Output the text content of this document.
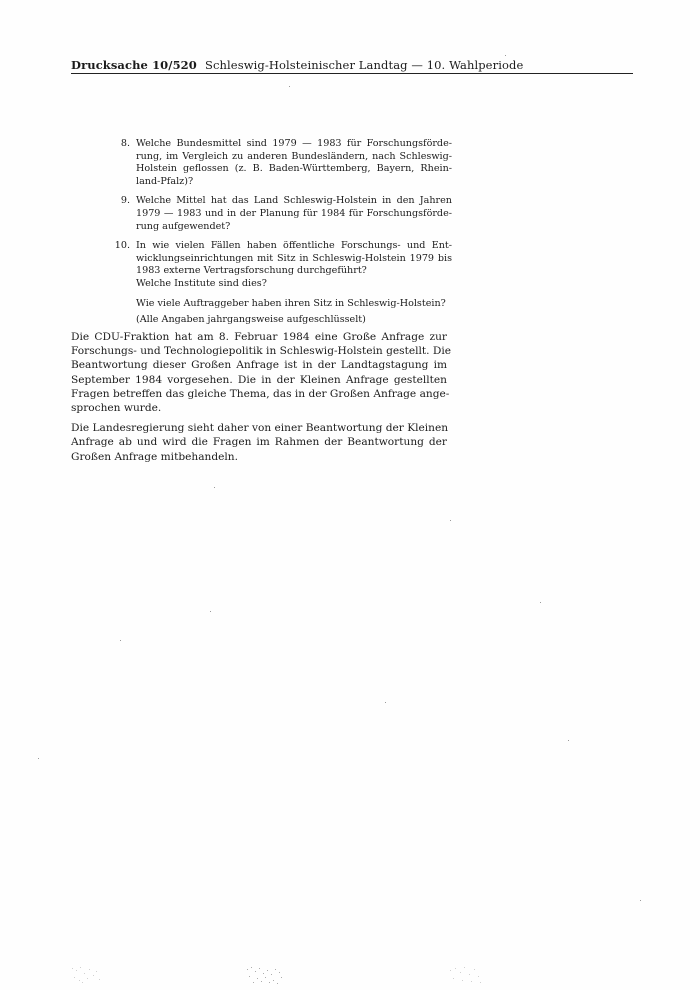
Drucksache 10/520 Schleswig-Holsteinischer Landtag — 10. Wahlperiode
8. Welche Bundesmittel sind 1979 — 1983 für Forschungsförde-
rung, im Vergleich zu anderen Bundesländern, nach Schleswig-
Holstein geflossen (z. B. Baden-Württemberg, Bayern, Rhein-
land-Pfalz)?
9. Welche Mittel hat das Land Schleswig-Holstein in den Jahren
1979 — 1983 und in der Planung für 1984 für Forschungsförde-
rung aufgewendet?
10. In wie vielen Fällen haben öffentliche Forschungs- und Ent-
wicklungseinrichtungen mit Sitz in Schleswig-Holstein 1979 bis
1983 externe Vertragsforschung durchgeführt?
Welche Institute sind dies?
Wie viele Auftraggeber haben ihren Sitz in Schleswig-Holstein?
(Alle Angaben jahrgangsweise aufgeschlüsselt)
Die CDU-Fraktion hat am 8. Februar 1984 eine Große Anfrage zur
Forschungs- und Technologiepolitik in Schleswig-Holstein gestellt. Die
Beantwortung dieser Großen Anfrage ist in der Landtagstagung im
September 1984 vorgesehen. Die in der Kleinen Anfrage gestellten
Fragen betreffen das gleiche Thema, das in der Großen Anfrage ange-
sprochen wurde.
Die Landesregierung sieht daher von einer Beantwortung der Kleinen
Anfrage ab und wird die Fragen im Rahmen der Beantwortung der
Großen Anfrage mitbehandeln.
